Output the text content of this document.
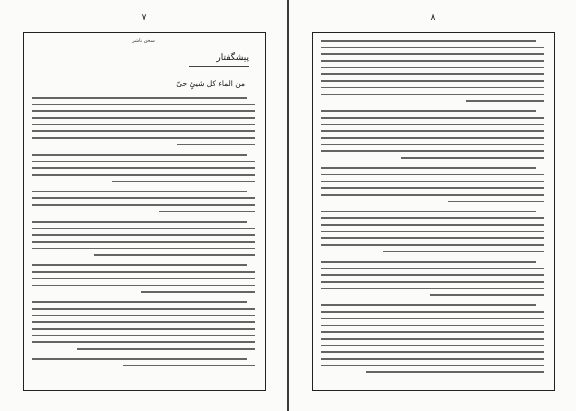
۷
سخن ناشر
پیشگفتار
من الماء کل شیئٍ حیّ
۸
